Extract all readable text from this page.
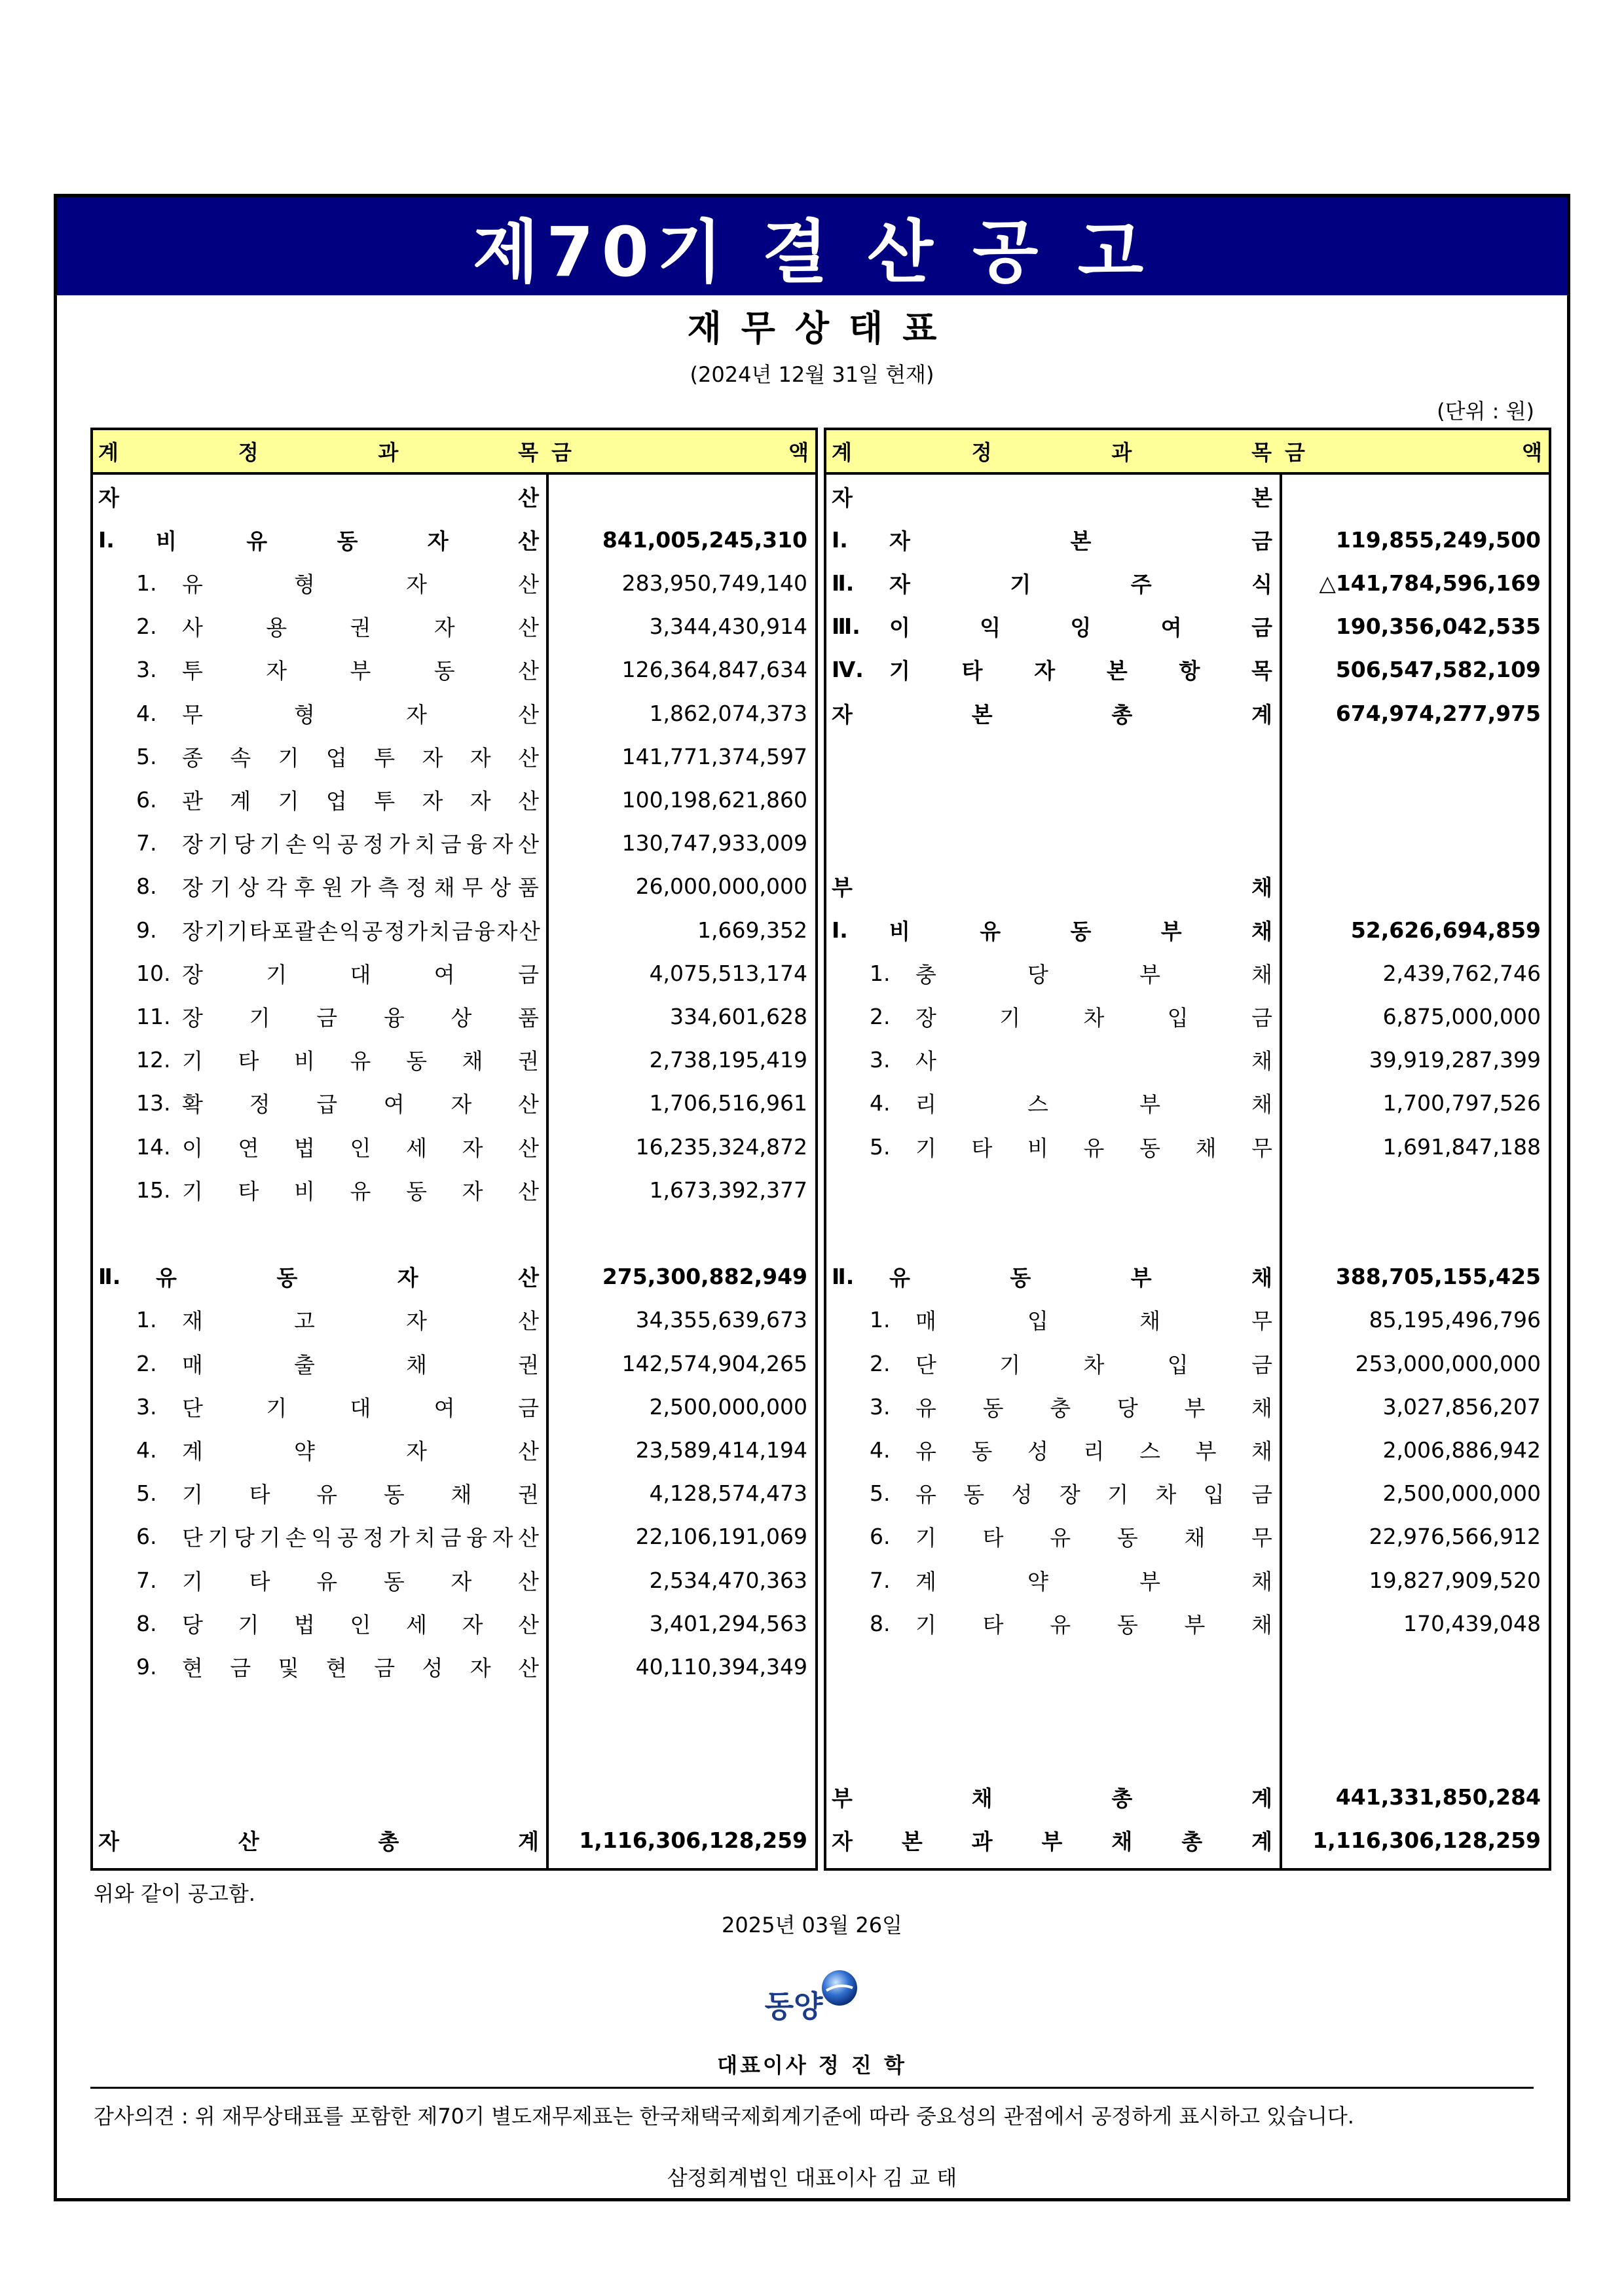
제70기 결 산 공 고
재무상태표
(2024년 12월 31일 현재)
(단위 : 원)
계	정	과	목 금	액
자	산
Ⅰ. 비	유	동	자	산	841,005,245,310
1. 유	형	자	산	283,950,749,140
2. 사	용	권	자	산	3,344,430,914
3. 투	자	부	동	산	126,364,847,634
4. 무	형	자	산	1,862,074,373
5. 종 속 기 업 투 자 자 산	141,771,374,597
6. 관 계 기 업 투 자 자 산	100,198,621,860
7. 장 기 당 기 손 익 공 정 가 치 금 융 자 산	130,747,933,009
8. 장 기 상 각 후 원 가 측 정 채 무 상 품	26,000,000,000
9. 장 기 기 타 포 괄 손 익 공 정 가 치 금 융 자 산	1,669,352
10. 장	기	대	여	금	4,075,513,174
11. 장 기 금 융 상 품	334,601,628
12. 기 타 비 유 동 채 권	2,738,195,419
13. 확 정 급 여 자 산	1,706,516,961
14. 이 연 법 인 세 자 산	16,235,324,872
15. 기 타 비 유 동 자 산	1,673,392,377
Ⅱ. 유	동	자	산	275,300,882,949
1. 재	고	자	산	34,355,639,673
2. 매	출	채	권	142,574,904,265
3. 단	기	대	여	금	2,500,000,000
4. 계	약	자	산	23,589,414,194
5. 기 타 유 동 채 권	4,128,574,473
6. 단 기 당 기 손 익 공 정 가 치 금 융 자 산	22,106,191,069
7. 기 타 유 동 자 산	2,534,470,363
8. 당 기 법 인 세 자 산	3,401,294,563
9. 현 금 및 현 금 성 자 산	40,110,394,349
자	산	총	계 1,116,306,128,259
계	정	과	목 금	액
자	본
Ⅰ. 자	본	금	119,855,249,500
Ⅱ. 자	기	주	식 △141,784,596,169
Ⅲ. 이	익	잉	여	금	190,356,042,535
Ⅳ. 기 타 자 본 항 목	506,547,582,109
자	본	총	계	674,974,277,975
부	채
Ⅰ. 비	유	동	부	채	52,626,694,859
1. 충	당	부	채	2,439,762,746
2. 장	기	차	입	금	6,875,000,000
3. 사	채	39,919,287,399
4. 리	스	부	채	1,700,797,526
5. 기 타 비 유 동 채 무	1,691,847,188
Ⅱ. 유	동	부	채	388,705,155,425
1. 매	입	채	무	85,195,496,796
2. 단	기	차	입	금	253,000,000,000
3. 유 동 충 당 부 채	3,027,856,207
4. 유 동 성 리 스 부 채	2,006,886,942
5. 유 동 성 장 기 차 입 금	2,500,000,000
6. 기 타 유 동 채 무	22,976,566,912
7. 계	약	부	채	19,827,909,520
8. 기 타 유 동 부 채	170,439,048
부	채	총	계	441,331,850,284
자 본 과 부 채 총 계 1,116,306,128,259
위와 같이 공고함.
2025년 03월 26일
동양
대표이사 정 진 학
감사의견 : 위 재무상태표를 포함한 제70기 별도재무제표는 한국채택국제회계기준에 따라 중요성의 관점에서 공정하게 표시하고 있습니다.
삼정회계법인 대표이사 김 교 태
